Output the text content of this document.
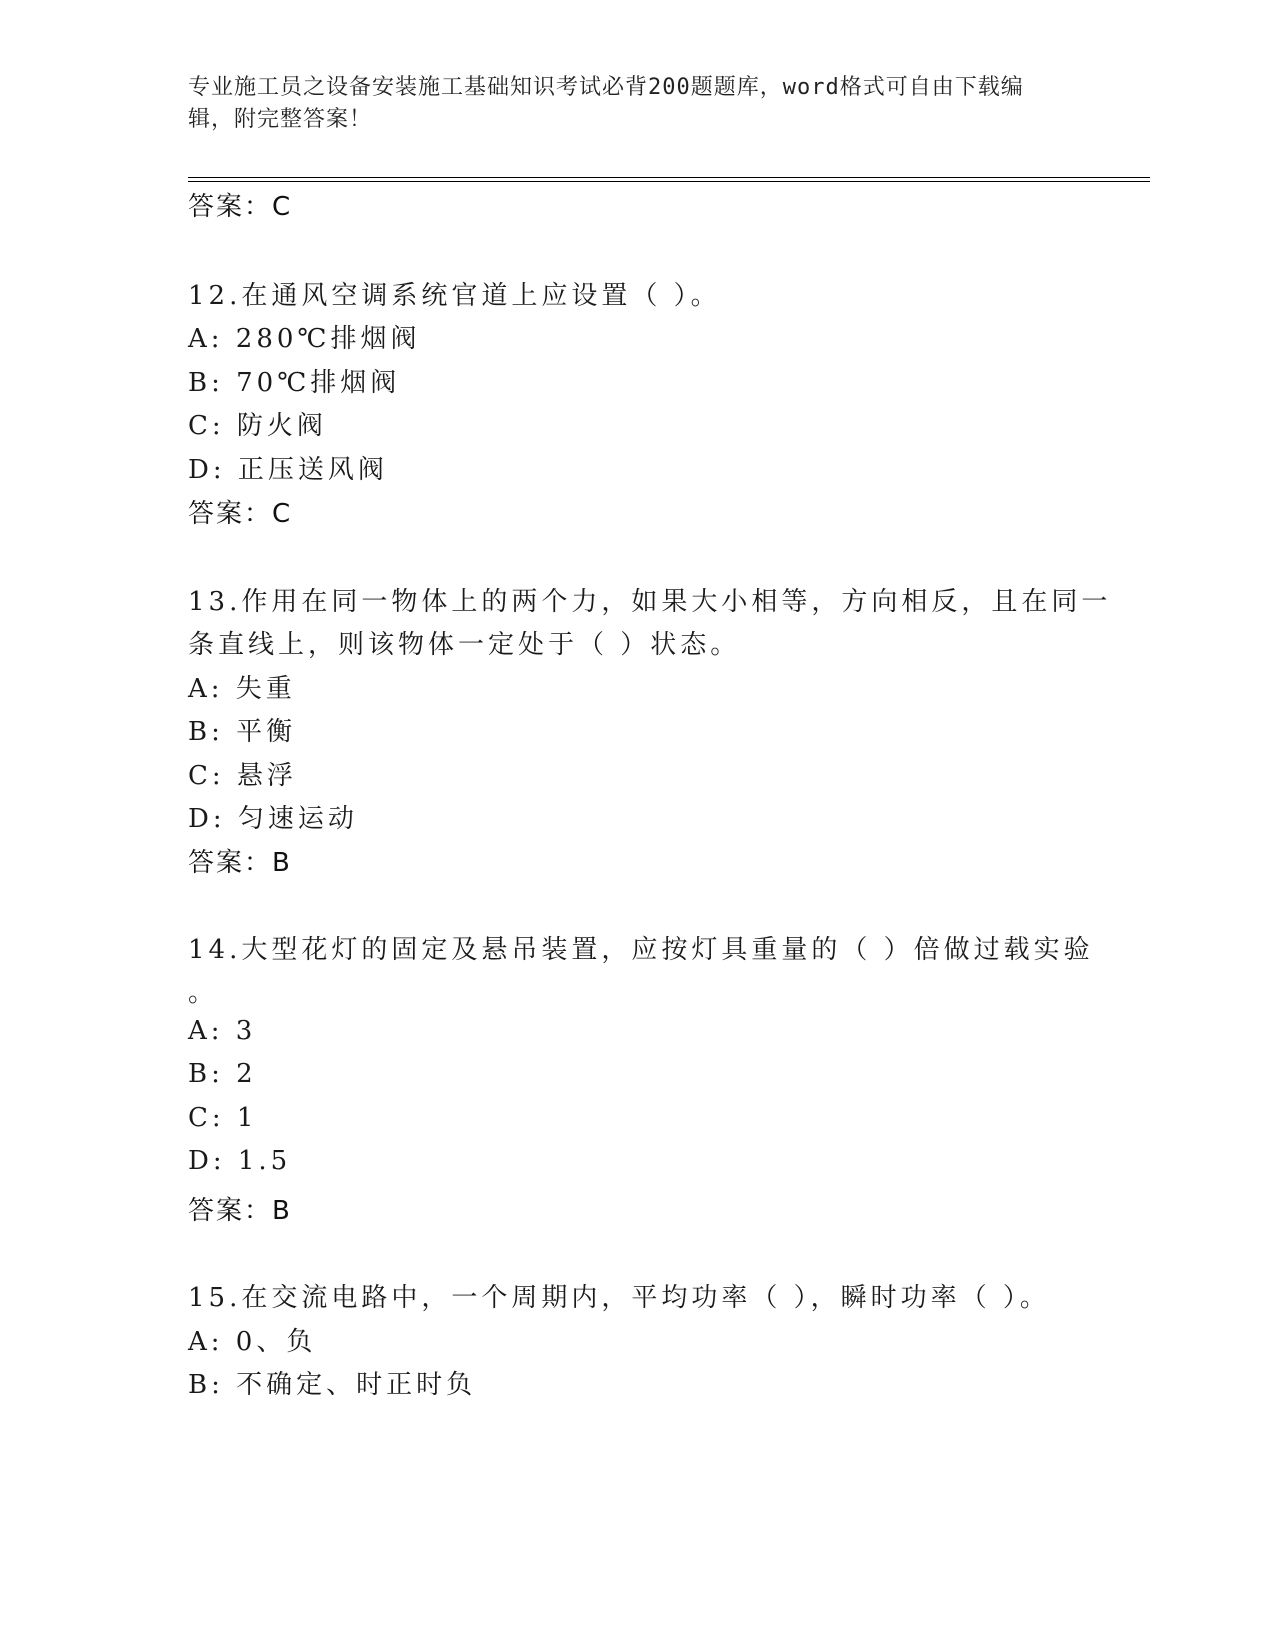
专业施工员之设备安装施工基础知识考试必背200题题库，word格式可自由下载编辑，附完整答案！
答案：C
12.在通风空调系统官道上应设置（ ）。
A: 280℃排烟阀
B: 70℃排烟阀
C: 防火阀
D: 正压送风阀
答案：C
13.作用在同一物体上的两个力，如果大小相等，方向相反，且在同一
条直线上，则该物体一定处于（ ）状态。
A: 失重
B: 平衡
C: 悬浮
D: 匀速运动
答案：B
14.大型花灯的固定及悬吊装置，应按灯具重量的（ ）倍做过载实验
。
A: 3
B: 2
C: 1
D: 1.5
答案：B
15.在交流电路中，一个周期内，平均功率（ ），瞬时功率（ ）。
A: 0、负
B: 不确定、时正时负
